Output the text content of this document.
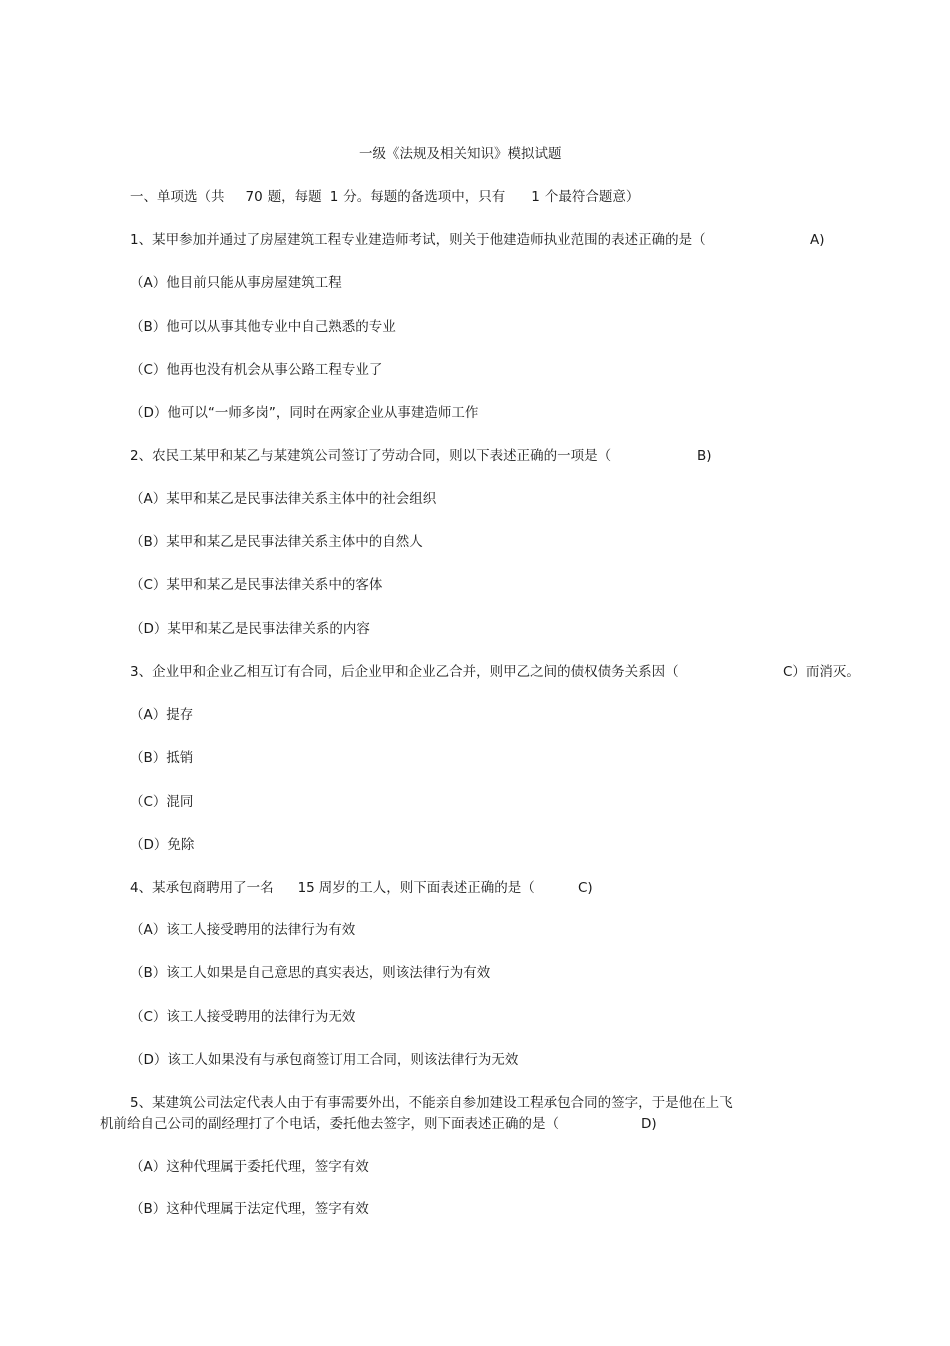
一级《法规及相关知识》模拟试题
一、单项选（共 70 题，每题 1 分。每题的备选项中，只有 1 个最符合题意）
1、某甲参加并通过了房屋建筑工程专业建造师考试，则关于他建造师执业范围的表述正确的是（	A)
（A）他目前只能从事房屋建筑工程
（B）他可以从事其他专业中自己熟悉的专业
（C）他再也没有机会从事公路工程专业了
（D）他可以“一师多岗”，同时在两家企业从事建造师工作
2、农民工某甲和某乙与某建筑公司签订了劳动合同，则以下表述正确的一项是（	B)
（A）某甲和某乙是民事法律关系主体中的社会组织
（B）某甲和某乙是民事法律关系主体中的自然人
（C）某甲和某乙是民事法律关系中的客体
（D）某甲和某乙是民事法律关系的内容
3、企业甲和企业乙相互订有合同，后企业甲和企业乙合并，则甲乙之间的债权债务关系因（	C）而消灭。
（A）提存
（B）抵销
（C）混同
（D）免除
4、某承包商聘用了一名 15 周岁的工人，则下面表述正确的是（	C)
（A）该工人接受聘用的法律行为有效
（B）该工人如果是自己意思的真实表达，则该法律行为有效
（C）该工人接受聘用的法律行为无效
（D）该工人如果没有与承包商签订用工合同，则该法律行为无效
5、某建筑公司法定代表人由于有事需要外出，不能亲自参加建设工程承包合同的签字，于是他在上飞
机前给自己公司的副经理打了个电话，委托他去签字，则下面表述正确的是（	D)
（A）这种代理属于委托代理，签字有效
（B）这种代理属于法定代理，签字有效
